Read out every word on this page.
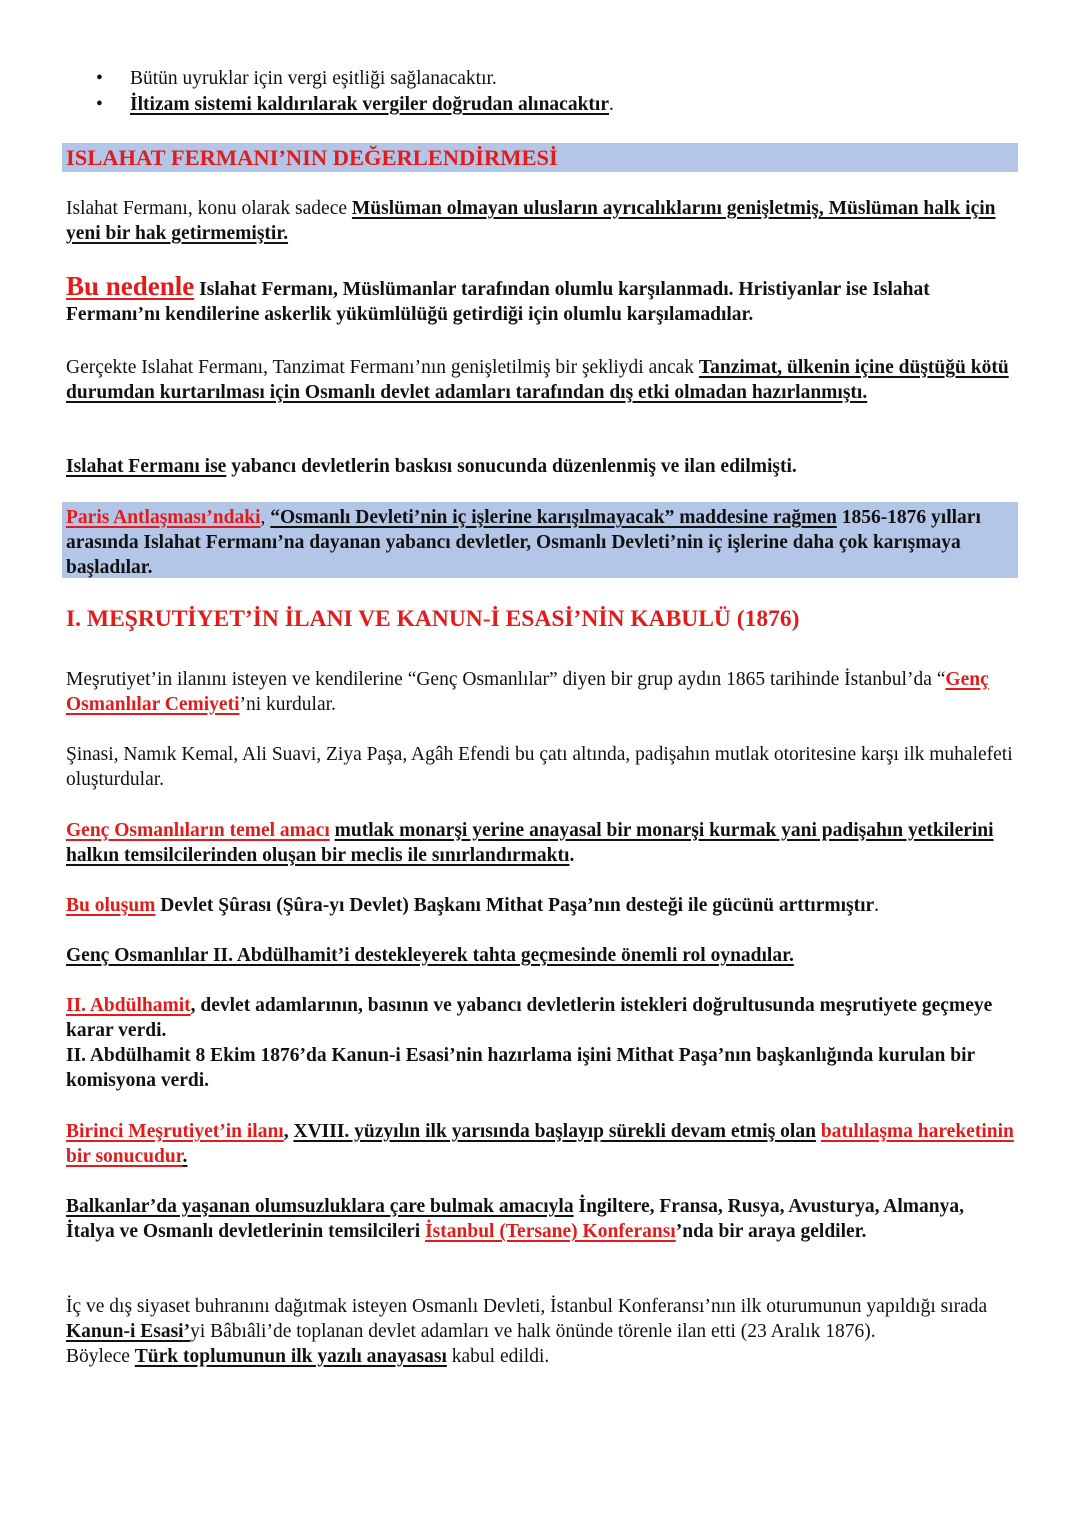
• Bütün uyruklar için vergi eşitliği sağlanacaktır.
• İltizam sistemi kaldırılarak vergiler doğrudan alınacaktır.
ISLAHAT FERMANI’NIN DEĞERLENDİRMESİ
Islahat Fermanı, konu olarak sadece Müslüman olmayan ulusların ayrıcalıklarını genişletmiş, Müslüman halk için yeni bir hak getirmemiştir.
Bu nedenle Islahat Fermanı, Müslümanlar tarafından olumlu karşılanmadı. Hristiyanlar ise Islahat Fermanı’nı kendilerine askerlik yükümlülüğü getirdiği için olumlu karşılamadılar.
Gerçekte Islahat Fermanı, Tanzimat Fermanı’nın genişletilmiş bir şekliydi ancak Tanzimat, ülkenin içine düştüğü kötü durumdan kurtarılması için Osmanlı devlet adamları tarafından dış etki olmadan hazırlanmıştı.
Islahat Fermanı ise yabancı devletlerin baskısı sonucunda düzenlenmiş ve ilan edilmişti.
Paris Antlaşması’ndaki, “Osmanlı Devleti’nin iç işlerine karışılmayacak” maddesine rağmen 1856-1876 yılları arasında Islahat Fermanı’na dayanan yabancı devletler, Osmanlı Devleti’nin iç işlerine daha çok karışmaya başladılar.
I. MEŞRUTİYET’İN İLANI VE KANUN-İ ESASİ’NİN KABULÜ (1876)
Meşrutiyet’in ilanını isteyen ve kendilerine “Genç Osmanlılar” diyen bir grup aydın 1865 tarihinde İstanbul’da “Genç Osmanlılar Cemiyeti’ni kurdular.
Şinasi, Namık Kemal, Ali Suavi, Ziya Paşa, Agâh Efendi bu çatı altında, padişahın mutlak otoritesine karşı ilk muhalefeti oluşturdular.
Genç Osmanlıların temel amacı mutlak monarşi yerine anayasal bir monarşi kurmak yani padişahın yetkilerini halkın temsilcilerinden oluşan bir meclis ile sınırlandırmaktı.
Bu oluşum Devlet Şûrası (Şûra-yı Devlet) Başkanı Mithat Paşa’nın desteği ile gücünü arttırmıştır.
Genç Osmanlılar II. Abdülhamit’i destekleyerek tahta geçmesinde önemli rol oynadılar.
II. Abdülhamit, devlet adamlarının, basının ve yabancı devletlerin istekleri doğrultusunda meşrutiyete geçmeye karar verdi.
II. Abdülhamit 8 Ekim 1876’da Kanun-i Esasi’nin hazırlama işini Mithat Paşa’nın başkanlığında kurulan bir komisyona verdi.
Birinci Meşrutiyet’in ilanı, XVIII. yüzyılın ilk yarısında başlayıp sürekli devam etmiş olan batılılaşma hareketinin bir sonucudur.
Balkanlar’da yaşanan olumsuzluklara çare bulmak amacıyla İngiltere, Fransa, Rusya, Avusturya, Almanya, İtalya ve Osmanlı devletlerinin temsilcileri İstanbul (Tersane) Konferansı’nda bir araya geldiler.
İç ve dış siyaset buhranını dağıtmak isteyen Osmanlı Devleti, İstanbul Konferansı’nın ilk oturumunun yapıldığı sırada Kanun-i Esasi’yi Bâbıâli’de toplanan devlet adamları ve halk önünde törenle ilan etti (23 Aralık 1876).
Böylece Türk toplumunun ilk yazılı anayasası kabul edildi.
